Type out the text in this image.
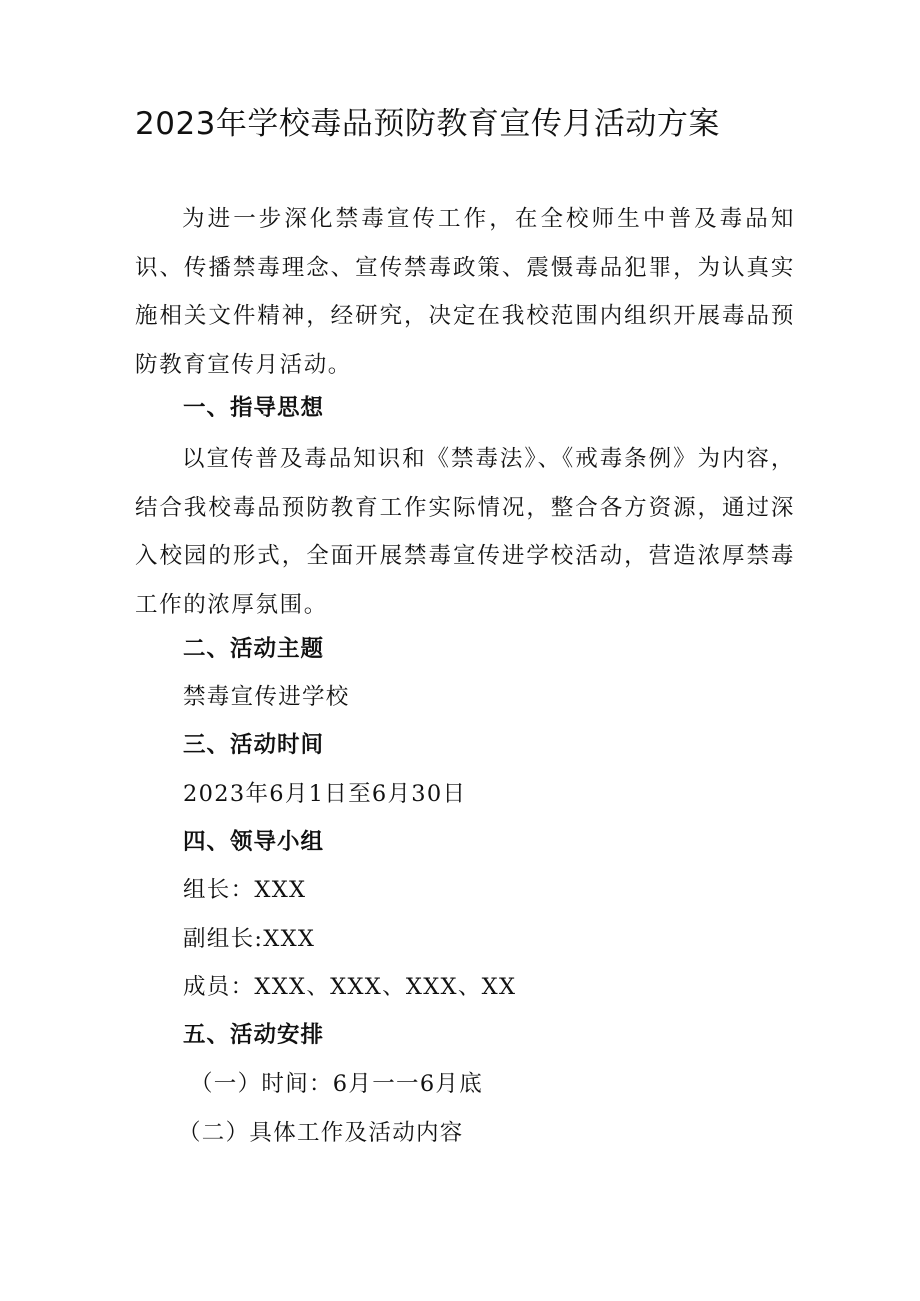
2023年学校毒品预防教育宣传月活动方案
为进一步深化禁毒宣传工作，在全校师生中普及毒品知识、传播禁毒理念、宣传禁毒政策、震慑毒品犯罪，为认真实施相关文件精神，经研究，决定在我校范围内组织开展毒品预防教育宣传月活动。
一、指导思想
以宣传普及毒品知识和《禁毒法》、《戒毒条例》为内容，结合我校毒品预防教育工作实际情况，整合各方资源，通过深入校园的形式，全面开展禁毒宣传进学校活动，营造浓厚禁毒工作的浓厚氛围。
二、活动主题
禁毒宣传进学校
三、活动时间
2023年6月1日至6月30日
四、领导小组
组长：XXX
副组长:XXX
成员：XXX、XXX、XXX、XX
五、活动安排
（一）时间：6月一一6月底
（二）具体工作及活动内容
